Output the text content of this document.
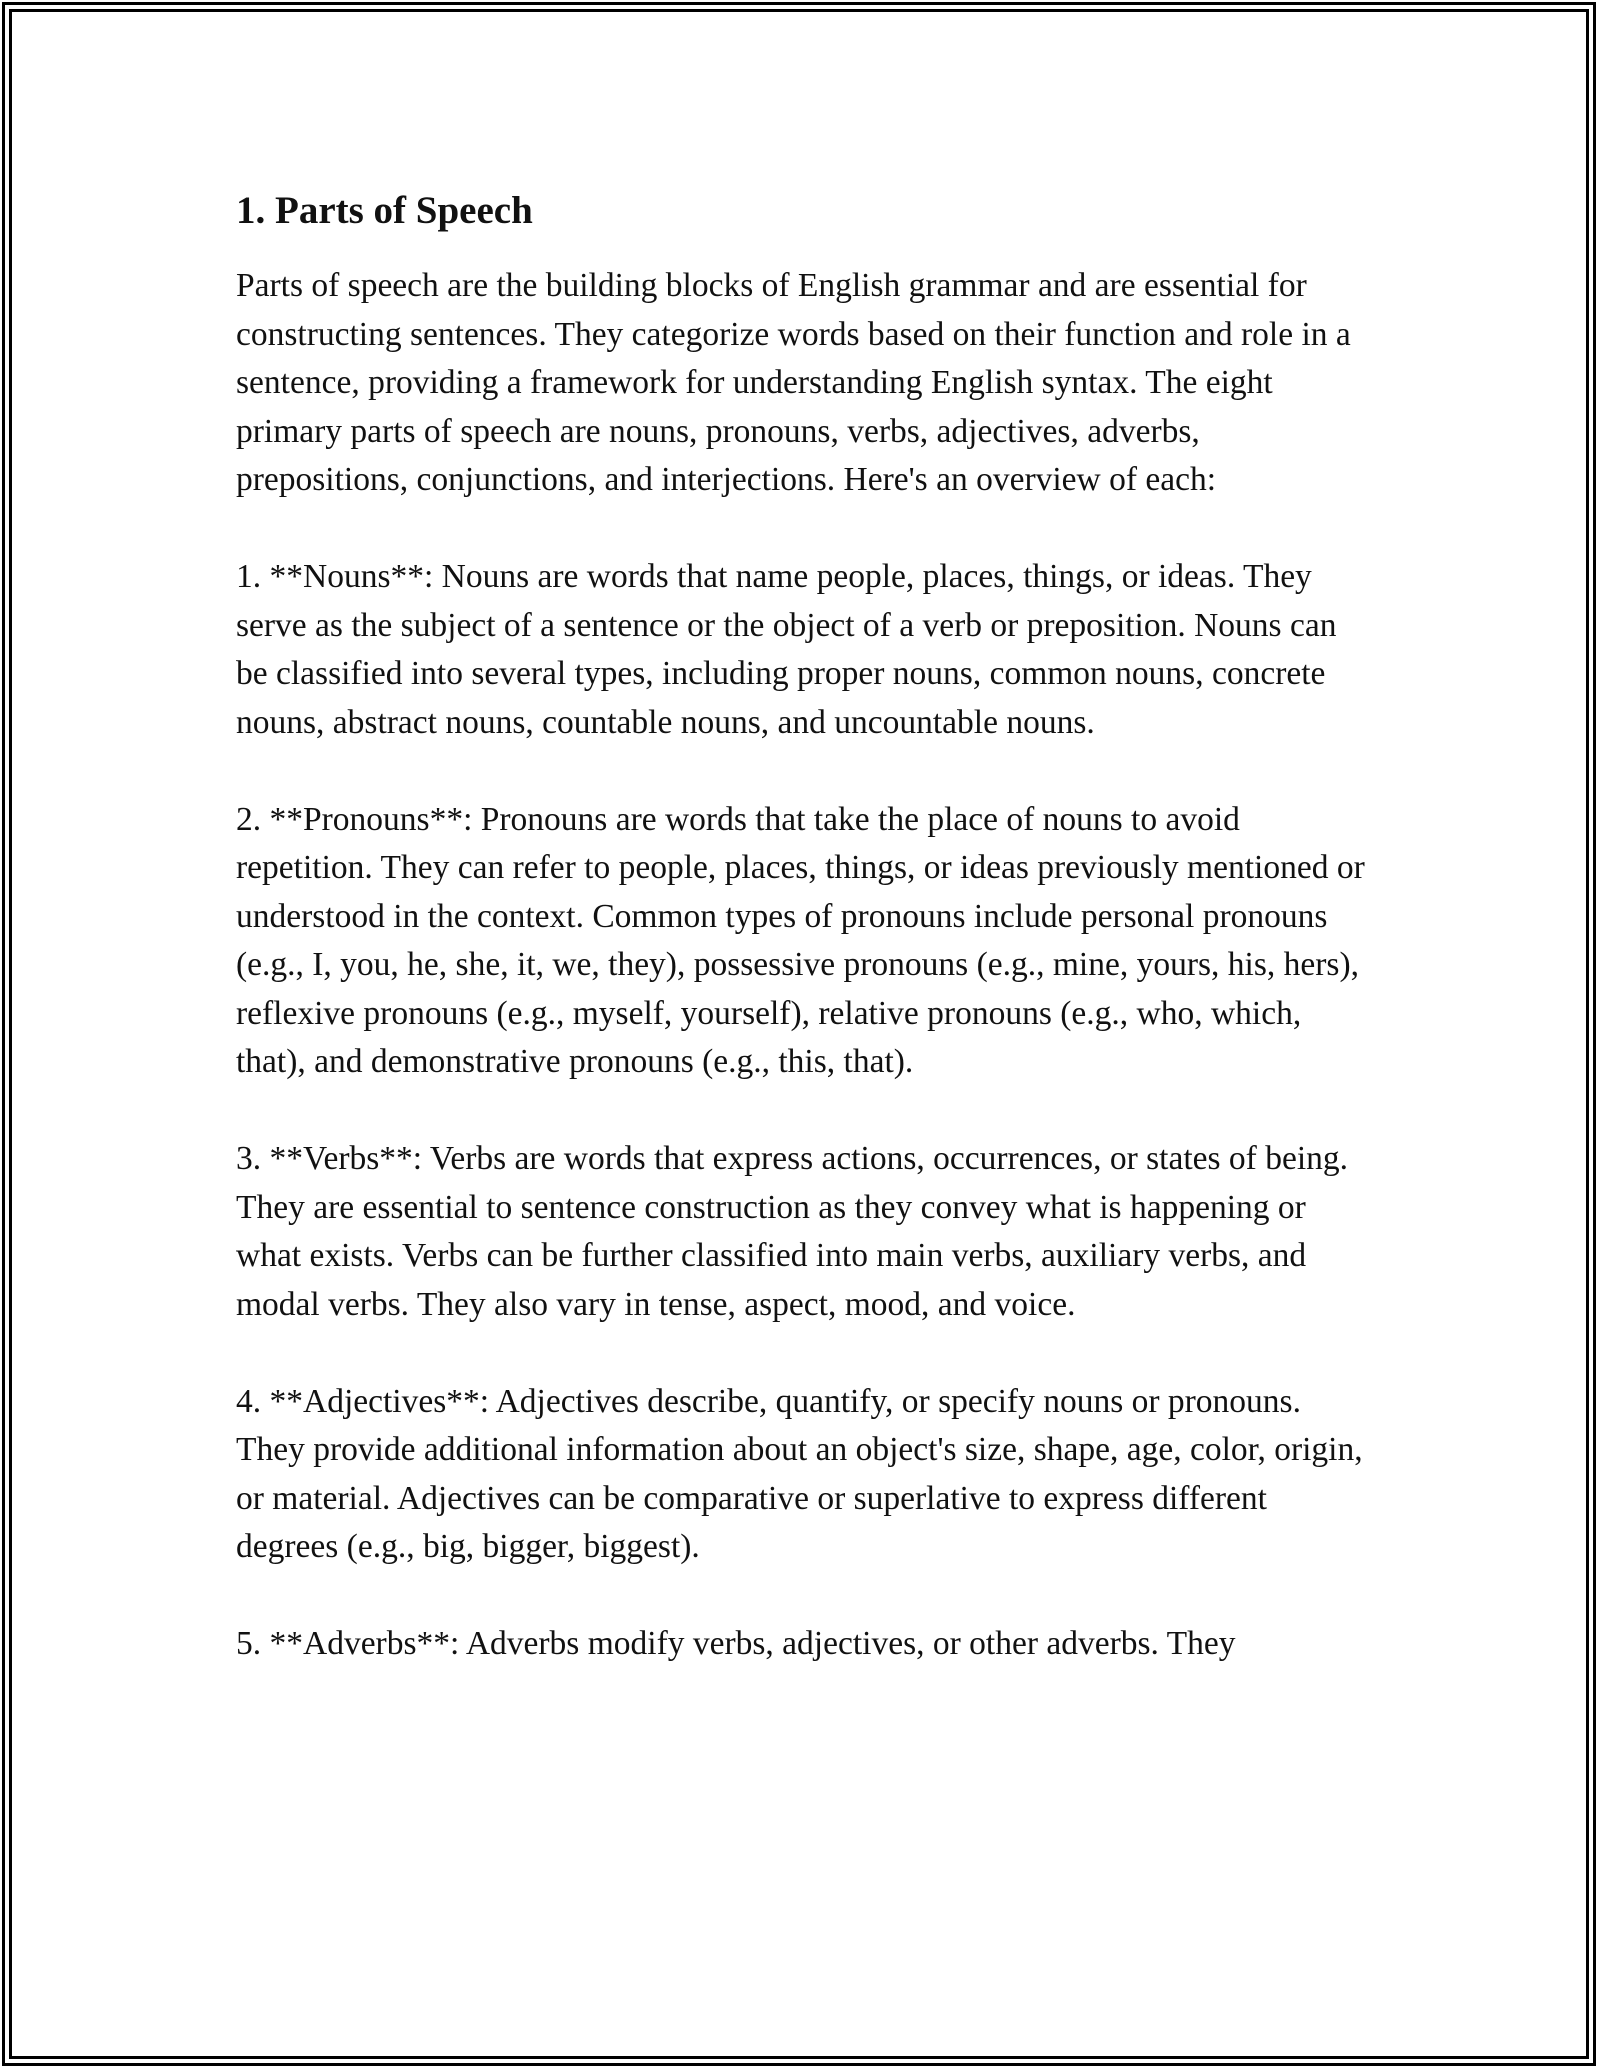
1. Parts of Speech

Parts of speech are the building blocks of English grammar and are essential for constructing sentences. They categorize words based on their function and role in a sentence, providing a framework for understanding English syntax. The eight primary parts of speech are nouns, pronouns, verbs, adjectives, adverbs, prepositions, conjunctions, and interjections. Here's an overview of each:

1. **Nouns**: Nouns are words that name people, places, things, or ideas. They serve as the subject of a sentence or the object of a verb or preposition. Nouns can be classified into several types, including proper nouns, common nouns, concrete nouns, abstract nouns, countable nouns, and uncountable nouns.

2. **Pronouns**: Pronouns are words that take the place of nouns to avoid repetition. They can refer to people, places, things, or ideas previously mentioned or understood in the context. Common types of pronouns include personal pronouns (e.g., I, you, he, she, it, we, they), possessive pronouns (e.g., mine, yours, his, hers), reflexive pronouns (e.g., myself, yourself), relative pronouns (e.g., who, which, that), and demonstrative pronouns (e.g., this, that).

3. **Verbs**: Verbs are words that express actions, occurrences, or states of being. They are essential to sentence construction as they convey what is happening or what exists. Verbs can be further classified into main verbs, auxiliary verbs, and modal verbs. They also vary in tense, aspect, mood, and voice.

4. **Adjectives**: Adjectives describe, quantify, or specify nouns or pronouns. They provide additional information about an object's size, shape, age, color, origin, or material. Adjectives can be comparative or superlative to express different degrees (e.g., big, bigger, biggest).

5. **Adverbs**: Adverbs modify verbs, adjectives, or other adverbs. They
